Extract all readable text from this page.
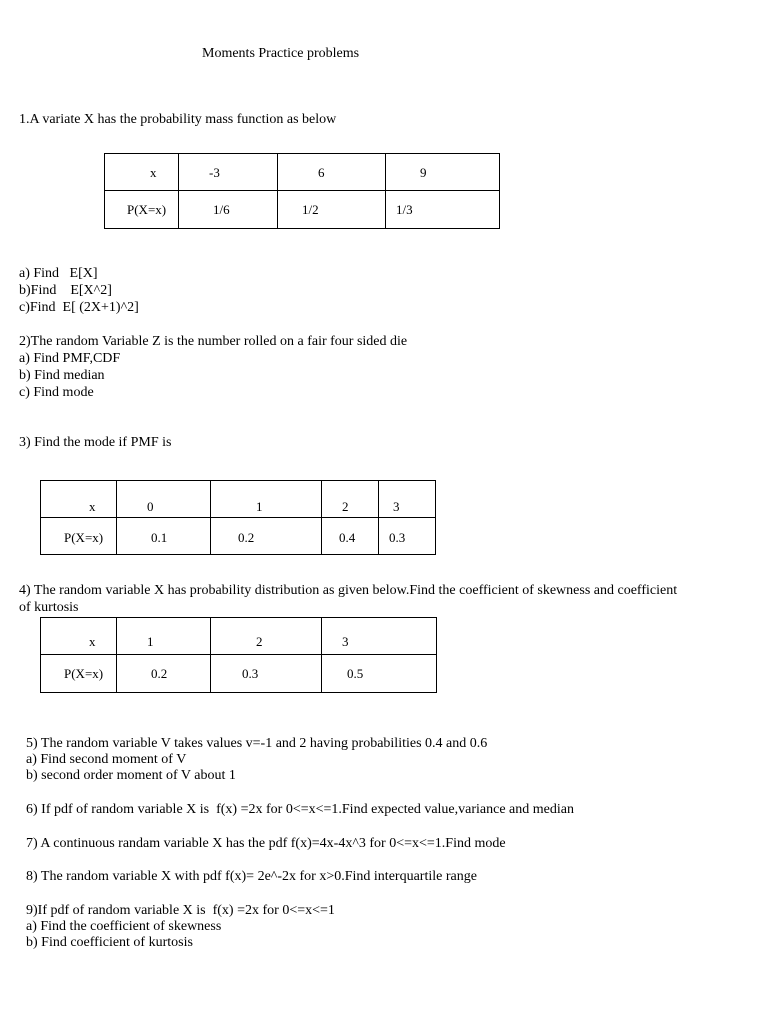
Moments Practice problems
1.A variate X has the probability mass function as below
x	-3	6	9

P(X=x)	1/6	1/2	1/3
a) Find   E[X]
b)Find    E[X^2]
c)Find  E[ (2X+1)^2]
2)The random Variable Z is the number rolled on a fair four sided die
a) Find PMF,CDF
b) Find median
c) Find mode
3) Find the mode if PMF is
x	0	1	2	3

P(X=x)	0.1	0.2	0.4	0.3
4) The random variable X has probability distribution as given below.Find the coefficient of skewness and coefficient
of kurtosis
x	1	2	3

P(X=x)	0.2	0.3	0.5
5) The random variable V takes values v=-1 and 2 having probabilities 0.4 and 0.6
a) Find second moment of V
b) second order moment of V about 1
6) If pdf of random variable X is  f(x) =2x for 0<=x<=1.Find expected value,variance and median
7) A continuous randam variable X has the pdf f(x)=4x-4x^3 for 0<=x<=1.Find mode
8) The random variable X with pdf f(x)= 2e^-2x for x>0.Find interquartile range
9)If pdf of random variable X is  f(x) =2x for 0<=x<=1
a) Find the coefficient of skewness
b) Find coefficient of kurtosis
